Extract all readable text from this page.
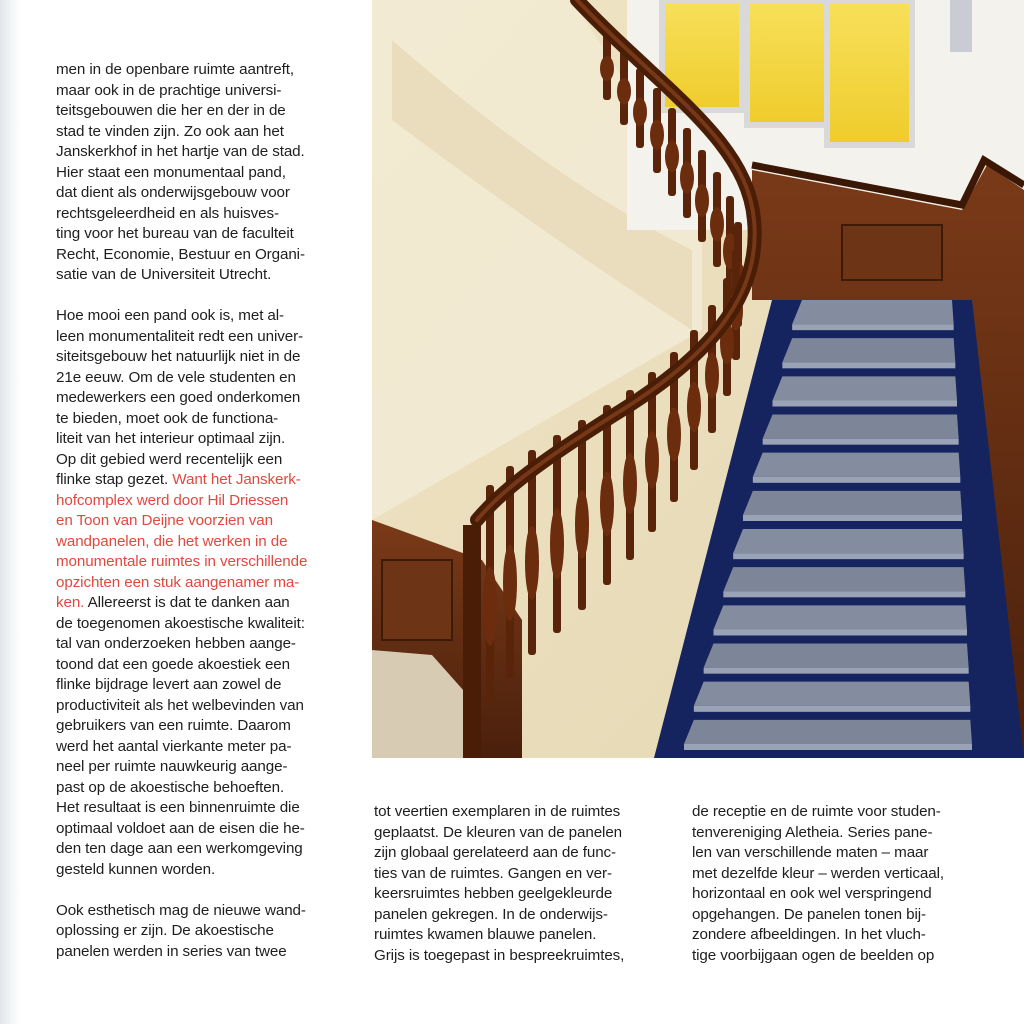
men in de openbare ruimte aantreft,
maar ook in de prachtige universi-
teitsgebouwen die her en der in de
stad te vinden zijn. Zo ook aan het
Janskerkhof in het hartje van de stad.
Hier staat een monumentaal pand,
dat dient als onderwijsgebouw voor
rechtsgeleerdheid en als huisves-
ting voor het bureau van de faculteit
Recht, Economie, Bestuur en Organi-
satie van de Universiteit Utrecht.
Hoe mooi een pand ook is, met al-
leen monumentaliteit redt een univer-
siteitsgebouw het natuurlijk niet in de
21e eeuw. Om de vele studenten en
medewerkers een goed onderkomen
te bieden, moet ook de functiona-
liteit van het interieur optimaal zijn.
Op dit gebied werd recentelijk een
flinke stap gezet. Want het Janskerk-
hofcomplex werd door Hil Driessen
en Toon van Deijne voorzien van
wandpanelen, die het werken in de
monumentale ruimtes in verschillende
opzichten een stuk aangenamer ma-
ken. Allereerst is dat te danken aan
de toegenomen akoestische kwaliteit:
tal van onderzoeken hebben aange-
toond dat een goede akoestiek een
flinke bijdrage levert aan zowel de
productiviteit als het welbevinden van
gebruikers van een ruimte. Daarom
werd het aantal vierkante meter pa-
neel per ruimte nauwkeurig aange-
past op de akoestische behoeften.
Het resultaat is een binnenruimte die
optimaal voldoet aan de eisen die he-
den ten dage aan een werkomgeving
gesteld kunnen worden.
Ook esthetisch mag de nieuwe wand-
oplossing er zijn. De akoestische
panelen werden in series van twee
tot veertien exemplaren in de ruimtes
geplaatst. De kleuren van de panelen
zijn globaal gerelateerd aan de func-
ties van de ruimtes. Gangen en ver-
keersruimtes hebben geelgekleurde
panelen gekregen. In de onderwijs-
ruimtes kwamen blauwe panelen.
Grijs is toegepast in bespreekruimtes,
de receptie en de ruimte voor studen-
tenvereniging Aletheia. Series pane-
len van verschillende maten – maar
met dezelfde kleur – werden verticaal,
horizontaal en ook wel verspringend
opgehangen. De panelen tonen bij-
zondere afbeeldingen. In het vluch-
tige voorbijgaan ogen de beelden op
